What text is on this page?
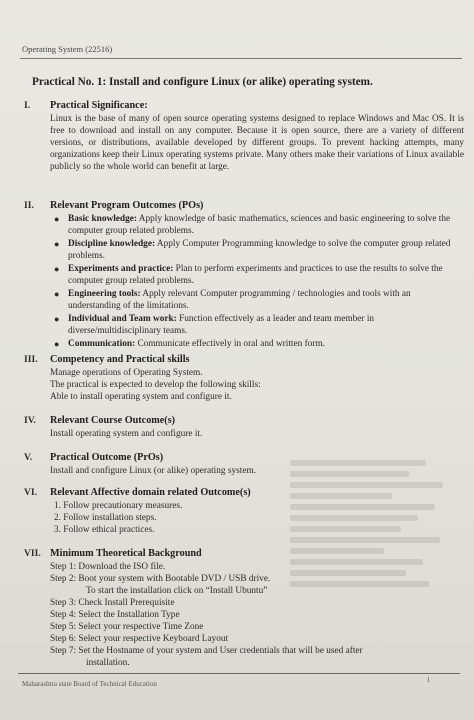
Operating System (22516)
Practical No. 1: Install and configure Linux (or alike) operating system.
I. Practical Significance:

Linux is the base of many of open source operating systems designed to replace Windows and Mac OS. It is free to download and install on any computer. Because it is open source, there are a variety of different versions, or distributions, available developed by different groups. To prevent hacking attempts, many organizations keep their Linux operating systems private. Many others make their variations of Linux available publicly so the whole world can benefit at large.

II. Relevant Program Outcomes (POs)
● Basic knowledge: Apply knowledge of basic mathematics, sciences and basic engineering to solve the computer group related problems.
● Discipline knowledge: Apply Computer Programming knowledge to solve the computer group related problems.
● Experiments and practice: Plan to perform experiments and practices to use the results to solve the computer group related problems.
● Engineering tools: Apply relevant Computer programming / technologies and tools with an understanding of the limitations.
● Individual and Team work: Function effectively as a leader and team member in diverse/multidisciplinary teams.
● Communication: Communicate effectively in oral and written form.
III. Competency and Practical skills
Manage operations of Operating System.
The practical is expected to develop the following skills:
Able to install operating system and configure it.
IV. Relevant Course Outcome(s)
Install operating system and configure it.
V. Practical Outcome (PrOs)
Install and configure Linux (or alike) operating system.
VI. Relevant Affective domain related Outcome(s)
1. Follow precautionary measures.
2. Follow installation steps.
3. Follow ethical practices.
VII. Minimum Theoretical Background
Step 1: Download the ISO file.
Step 2: Boot your system with Bootable DVD / USB drive.
To start the installation click on “Install Ubuntu”
Step 3: Check Install Prerequisite
Step 4: Select the Installation Type
Step 5: Select your respective Time Zone
Step 6: Select your respective Keyboard Layout
Step 7: Set the Hostname of your system and User credentials that will be used after
installation.
Maharashtra state Board of Technical Education	1
